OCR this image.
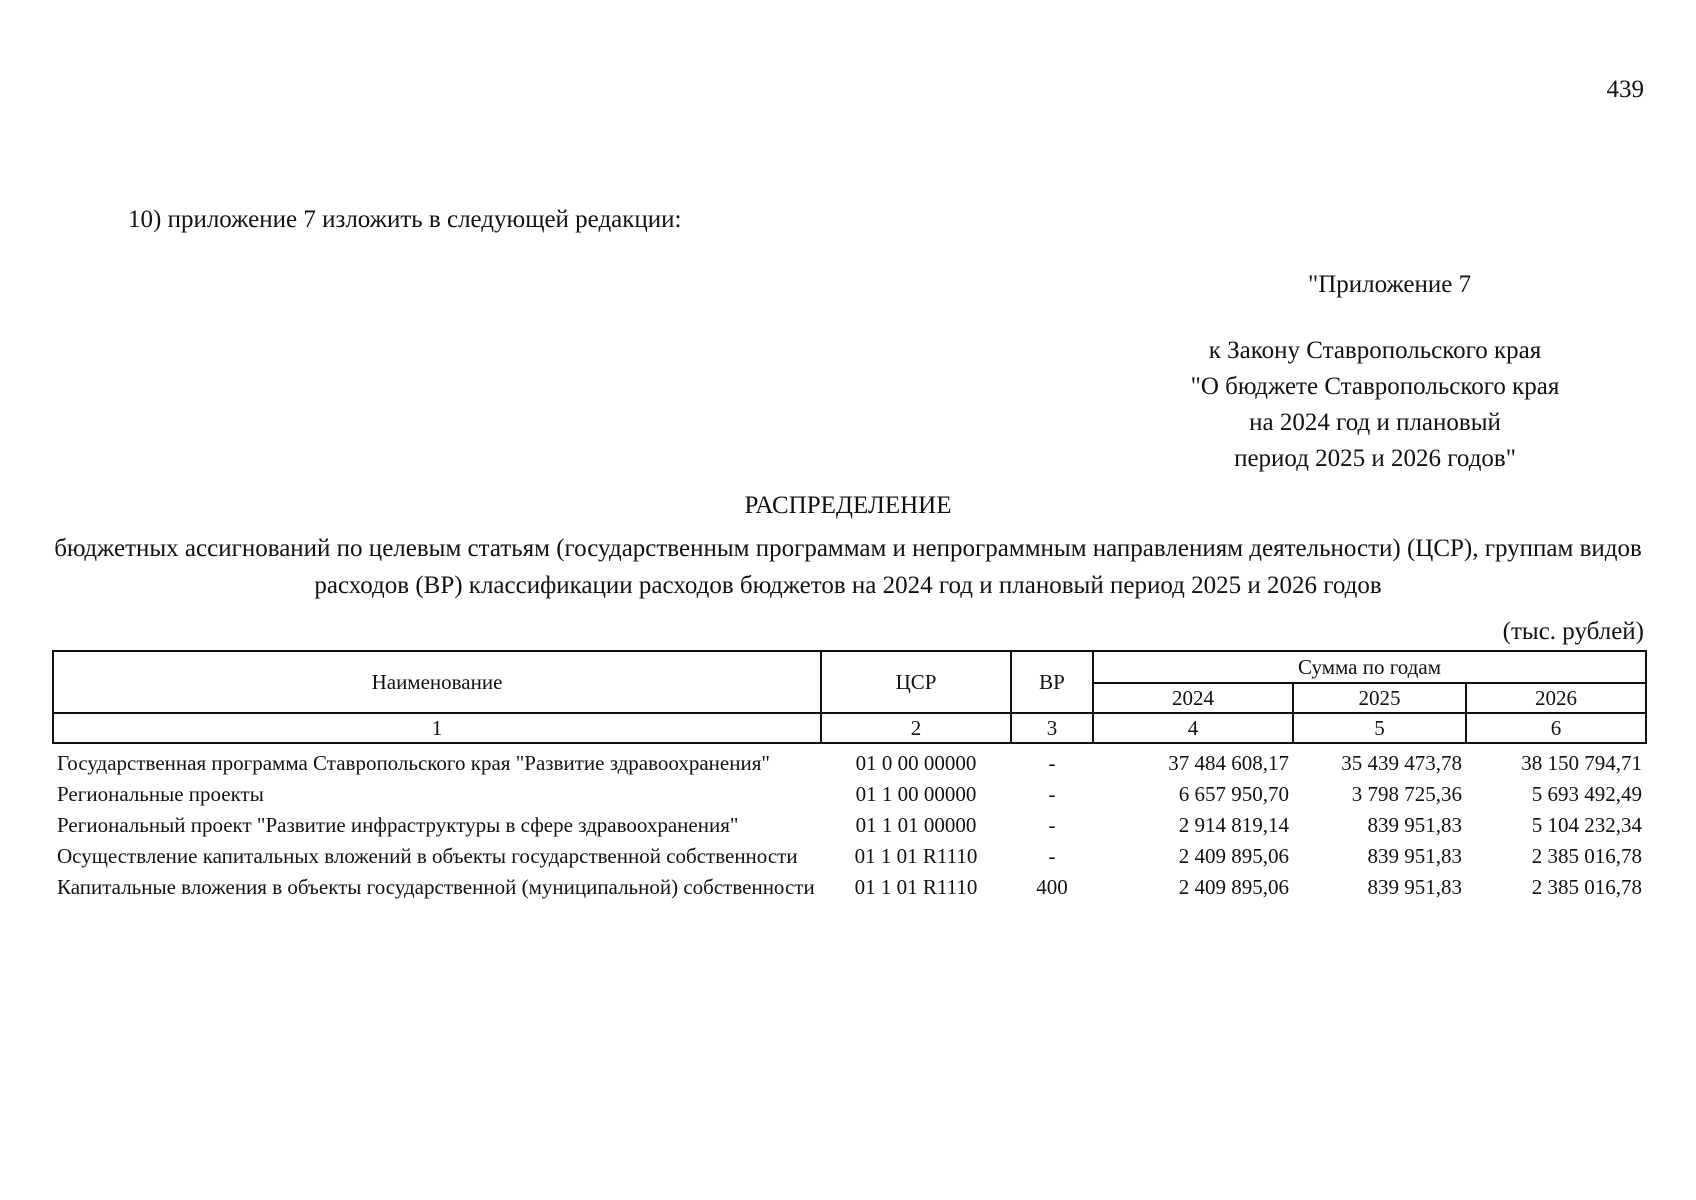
439
10) приложение 7 изложить в следующей редакции:
"Приложение 7
к Закону Ставропольского края
"О бюджете Ставропольского края
на 2024 год и плановый
период 2025 и 2026 годов"
РАСПРЕДЕЛЕНИЕ
бюджетных ассигнований по целевым статьям (государственным программам и непрограммным направлениям деятельности) (ЦСР), группам видов расходов (ВР) классификации расходов бюджетов на 2024 год и плановый период 2025 и 2026 годов
(тыс. рублей)
Наименование	ЦСР	ВР	Сумма по годам		
			2024	2025	2026
1	2	3	4	5	6
Государственная программа Ставропольского края "Развитие здравоохранения"	01 0 00 00000	-	37 484 608,17	35 439 473,78	38 150 794,71
Региональные проекты	01 1 00 00000	-	6 657 950,70	3 798 725,36	5 693 492,49
Региональный проект "Развитие инфраструктуры в сфере здравоохранения"	01 1 01 00000	-	2 914 819,14	839 951,83	5 104 232,34
Осуществление капитальных вложений в объекты государственной собственности	01 1 01 R1110	-	2 409 895,06	839 951,83	2 385 016,78
Капитальные вложения в объекты государственной (муниципальной) собственности	01 1 01 R1110	400	2 409 895,06	839 951,83	2 385 016,78
